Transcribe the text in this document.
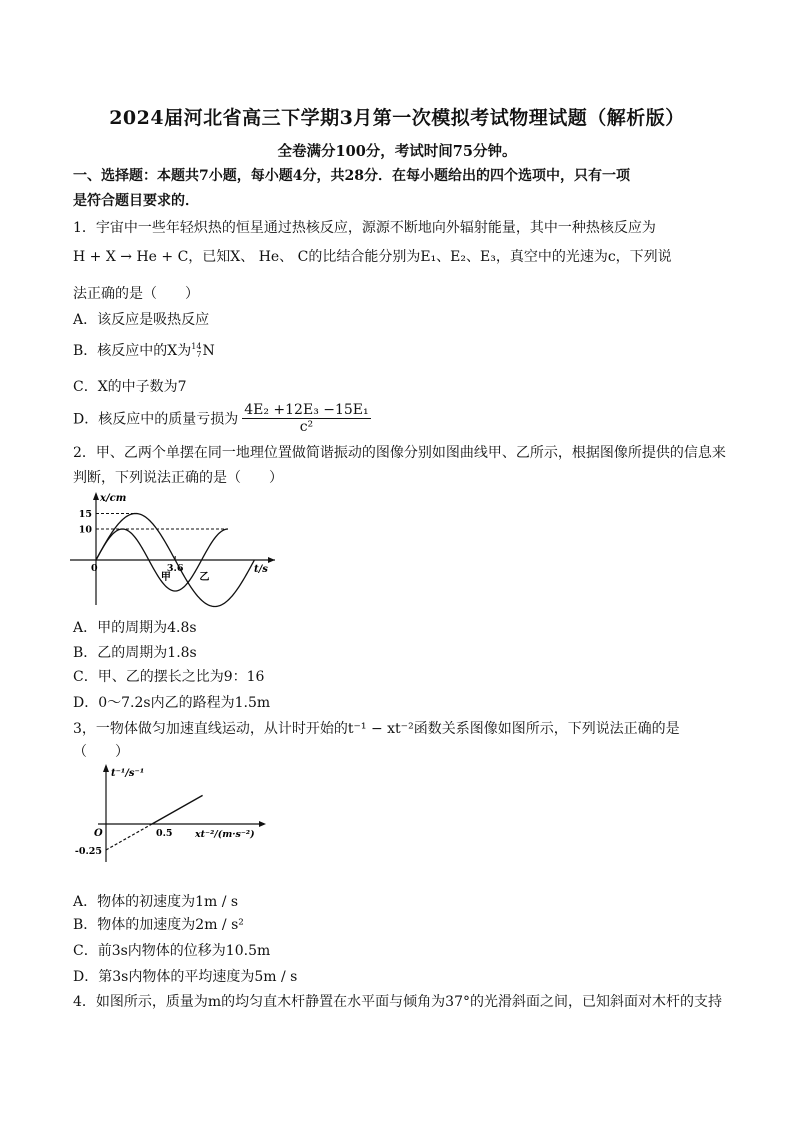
2024届河北省高三下学期3月第一次模拟考试物理试题（解析版）
全卷满分100分，考试时间75分钟。
一、选择题：本题共7小题，每小题4分，共28分．在每小题给出的四个选项中，只有一项
是符合题目要求的．
1．宇宙中一些年轻炽热的恒星通过热核反应，源源不断地向外辐射能量，其中一种热核反应为
H + X → He + C，已知X、 He、 C的比结合能分别为E₁、E₂、E₃，真空中的光速为c，下列说
法正确的是（　　）
A．该反应是吸热反应
B．核反应中的X为 14
7 N
C．X的中子数为7
D．核反应中的质量亏损为 $\frac{\text{4E₂ +12E₃ −15E₁}}{\text{c²}}$
2．甲、乙两个单摆在同一地理位置做简谐振动的图像分别如图曲线甲、乙所示，根据图像所提供的信息来
判断，下列说法正确的是（　　）
x/cm
t/s
15
10
0	3.6
甲	乙
A．甲的周期为4.8s
B．乙的周期为1.8s
C．甲、乙的摆长之比为9：16
D．0～7.2s内乙的路程为1.5m
3，一物体做匀加速直线运动，从计时开始的t⁻¹ − xt⁻²函数关系图像如图所示，下列说法正确的是
（　　）
t⁻¹/s⁻¹
xt⁻²/(m·s⁻²)
O	0.5
-0.25
A．物体的初速度为1m / s
B．物体的加速度为2m / s²
C．前3s内物体的位移为10.5m
D．第3s内物体的平均速度为5m / s
4．如图所示，质量为m的均匀直木杆静置在水平面与倾角为37°的光滑斜面之间，已知斜面对木杆的支持
